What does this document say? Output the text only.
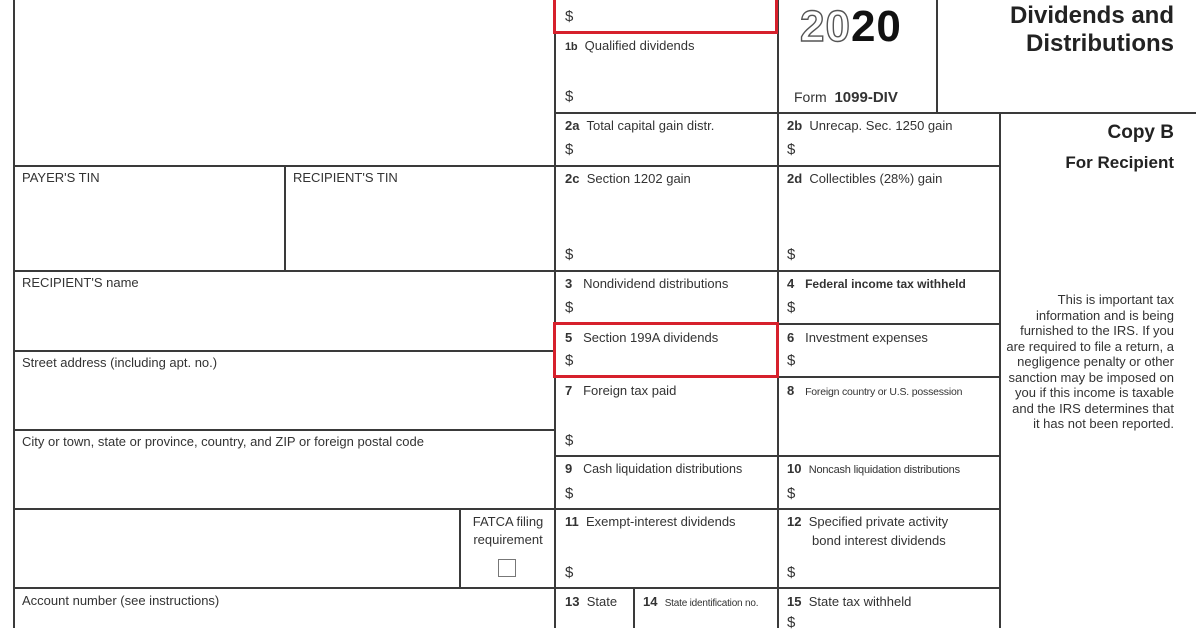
2020
Form 1099-DIV
Dividends and
Distributions
Copy B
For Recipient
This is important tax information and is being furnished to the IRS. If you are required to file a return, a negligence penalty or other sanction may be imposed on you if this income is taxable and the IRS determines that it has not been reported.
PAYER'S TIN	RECIPIENT'S TIN
RECIPIENT'S name
Street address (including apt. no.)
City or town, state or province, country, and ZIP or foreign postal code
FATCA filing
requirement
Account number (see instructions)
$
1b Qualified dividends
$
2a Total capital gain distr.
$
2b Unrecap. Sec. 1250 gain
$
2c Section 1202 gain
$
2d Collectibles (28%) gain
$
3 Nondividend distributions
$
4 Federal income tax withheld
$
5 Section 199A dividends
$
6 Investment expenses
$
7 Foreign tax paid
$
8 Foreign country or U.S. possession
9 Cash liquidation distributions
$
10 Noncash liquidation distributions
$
11 Exempt-interest dividends
$
12 Specified private activity
bond interest dividends
$
13 State 14 State identification no. 15 State tax withheld
$
